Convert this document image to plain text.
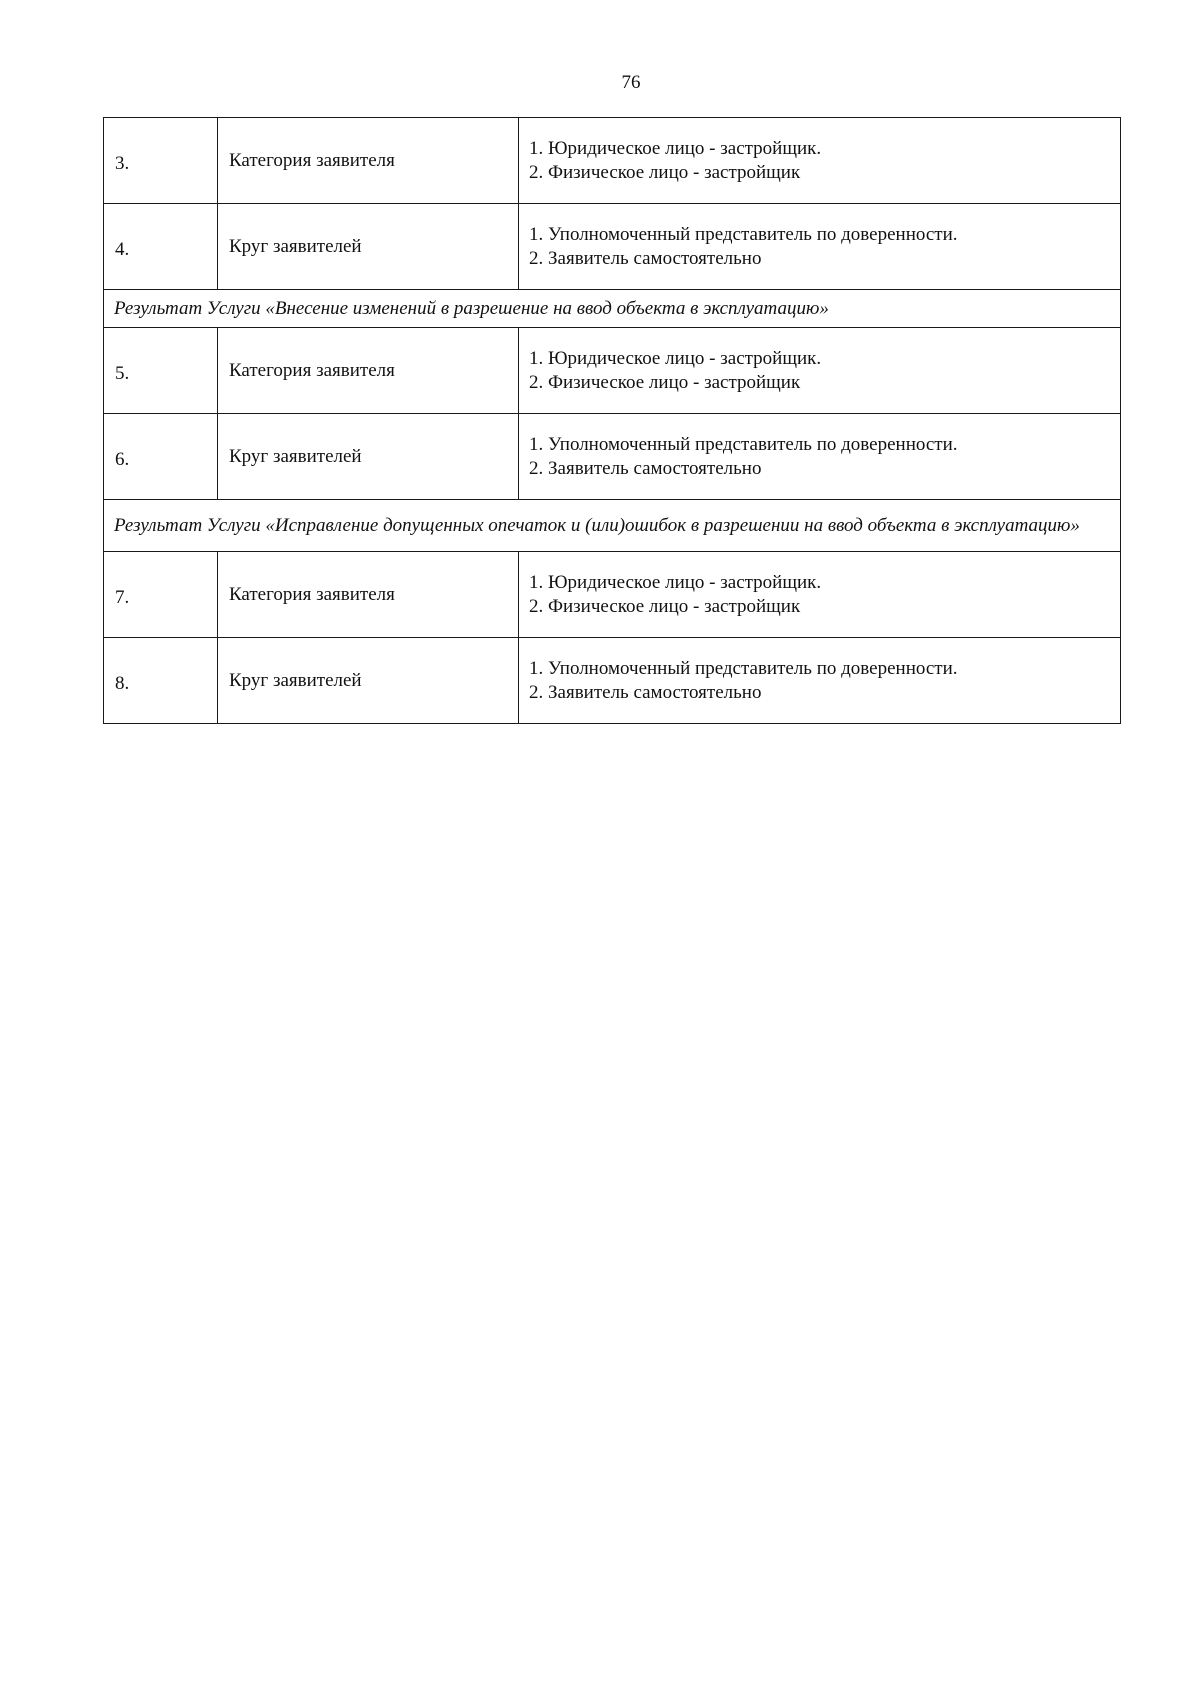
76
3.	Категория заявителя	1. Юридическое лицо - застройщик.
2. Физическое лицо - застройщик

4.	Круг заявителей	1. Уполномоченный представитель по доверенности.
2. Заявитель самостоятельно

Результат Услуги «Внесение изменений в разрешение на ввод объекта в эксплуатацию»		
5.	Категория заявителя	1. Юридическое лицо - застройщик.
2. Физическое лицо - застройщик

6.	Круг заявителей	1. Уполномоченный представитель по доверенности.
2. Заявитель самостоятельно

Результат Услуги «Исправление допущенных опечаток и (или)ошибок в разрешении на ввод объекта в эксплуатацию»		
7.	Категория заявителя	1. Юридическое лицо - застройщик.
2. Физическое лицо - застройщик

8.	Круг заявителей	1. Уполномоченный представитель по доверенности.
2. Заявитель самостоятельно
